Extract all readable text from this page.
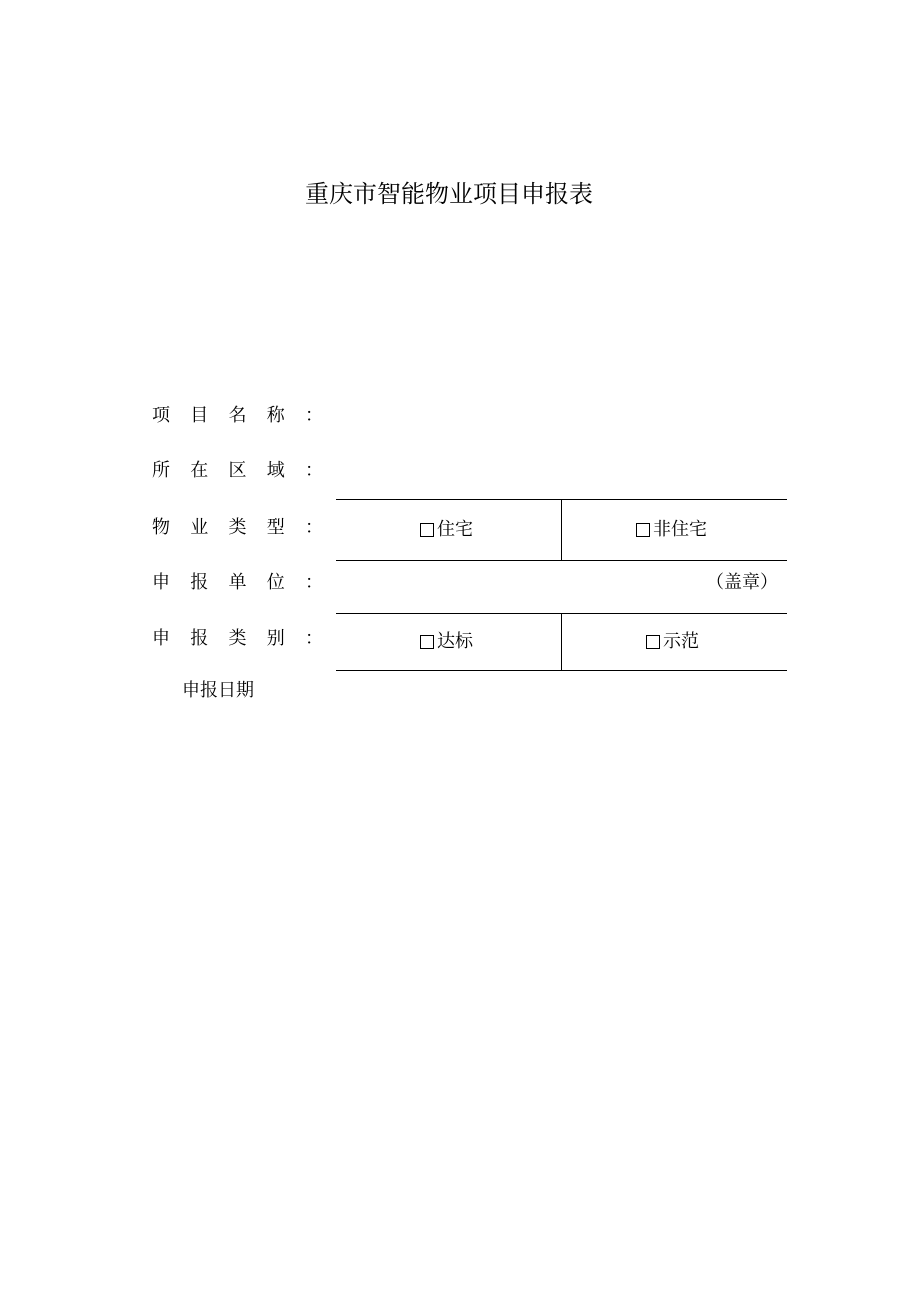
重庆市智能物业项目申报表
项 目 名 称 ：
所 在 区 域 ：
物 业 类 型 ：	住宅	非住宅
申 报 单 位 ：	（盖章）
申 报 类 别 ：	达标	示范
申报日期
